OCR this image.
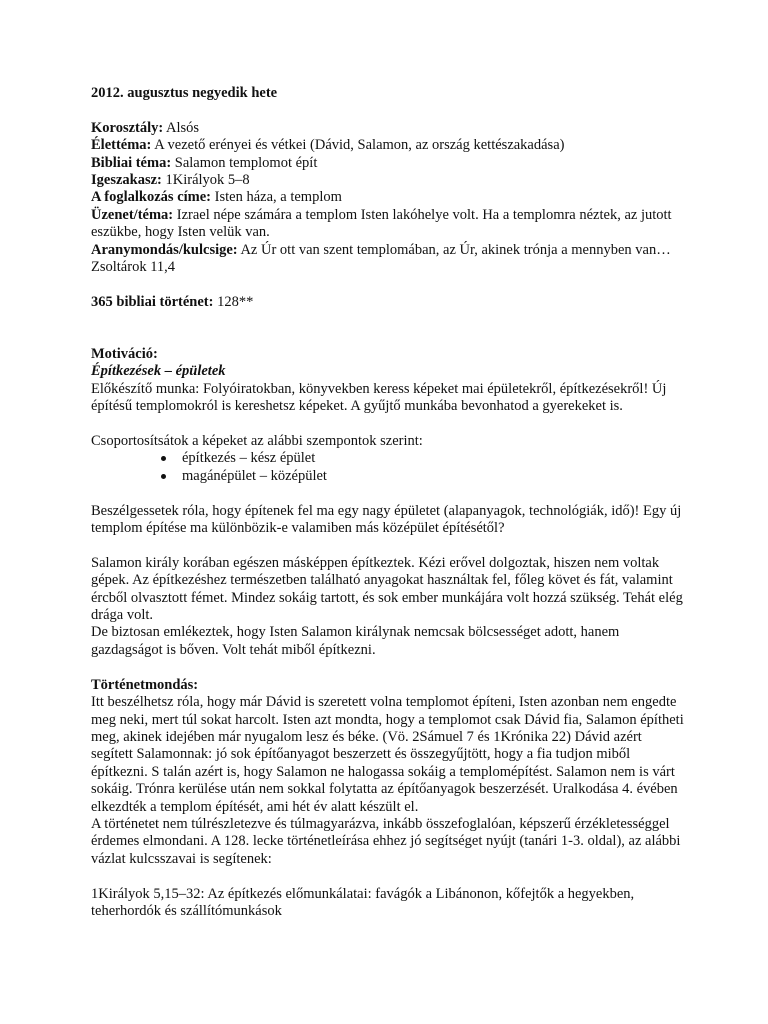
2012. augusztus negyedik hete

Korosztály: Alsós

Élettéma: A vezető erényei és vétkei (Dávid, Salamon, az ország kettészakadása)

Bibliai téma: Salamon templomot épít

Igeszakasz: 1Királyok 5–8

A foglalkozás címe: Isten háza, a templom

Üzenet/téma: Izrael népe számára a templom Isten lakóhelye volt. Ha a templomra néztek, az jutott eszükbe, hogy Isten velük van.

Aranymondás/kulcsige: Az Úr ott van szent templomában, az Úr, akinek trónja a mennyben van… Zsoltárok 11,4

365 bibliai történet: 128**

Motiváció:

Építkezések – épületek

Előkészítő munka: Folyóiratokban, könyvekben keress képeket mai épületekről, építkezésekről! Új építésű templomokról is kereshetsz képeket. A gyűjtő munkába bevonhatod a gyerekeket is.

Csoportosítsátok a képeket az alábbi szempontok szerint:

építkezés – kész épület
magánépület – középület

Beszélgessetek róla, hogy építenek fel ma egy nagy épületet (alapanyagok, technológiák, idő)! Egy új templom építése ma különbözik-e valamiben más középület építésétől?

Salamon király korában egészen másképpen építkeztek. Kézi erővel dolgoztak, hiszen nem voltak gépek. Az építkezéshez természetben található anyagokat használtak fel, főleg követ és fát, valamint ércből olvasztott fémet. Mindez sokáig tartott, és sok ember munkájára volt hozzá szükség. Tehát elég drága volt.

De biztosan emlékeztek, hogy Isten Salamon királynak nemcsak bölcsességet adott, hanem gazdagságot is bőven. Volt tehát miből építkezni.

Történetmondás:

Itt beszélhetsz róla, hogy már Dávid is szeretett volna templomot építeni, Isten azonban nem engedte meg neki, mert túl sokat harcolt. Isten azt mondta, hogy a templomot csak Dávid fia, Salamon építheti meg, akinek idejében már nyugalom lesz és béke. (Vö. 2Sámuel 7 és 1Krónika 22) Dávid azért segített Salamonnak: jó sok építőanyagot beszerzett és összegyűjtött, hogy a fia tudjon miből építkezni. S talán azért is, hogy Salamon ne halogassa sokáig a templomépítést. Salamon nem is várt sokáig. Trónra kerülése után nem sokkal folytatta az építőanyagok beszerzését. Uralkodása 4. évében elkezdték a templom építését, ami hét év alatt készült el.

A történetet nem túlrészletezve és túlmagyarázva, inkább összefoglalóan, képszerű érzékletességgel érdemes elmondani. A 128. lecke történetleírása ehhez jó segítséget nyújt (tanári 1-3. oldal), az alábbi vázlat kulcsszavai is segítenek:

1Királyok 5,15–32: Az építkezés előmunkálatai: favágók a Libánonon, kőfejtők a hegyekben, teherhordók és szállítómunkások
